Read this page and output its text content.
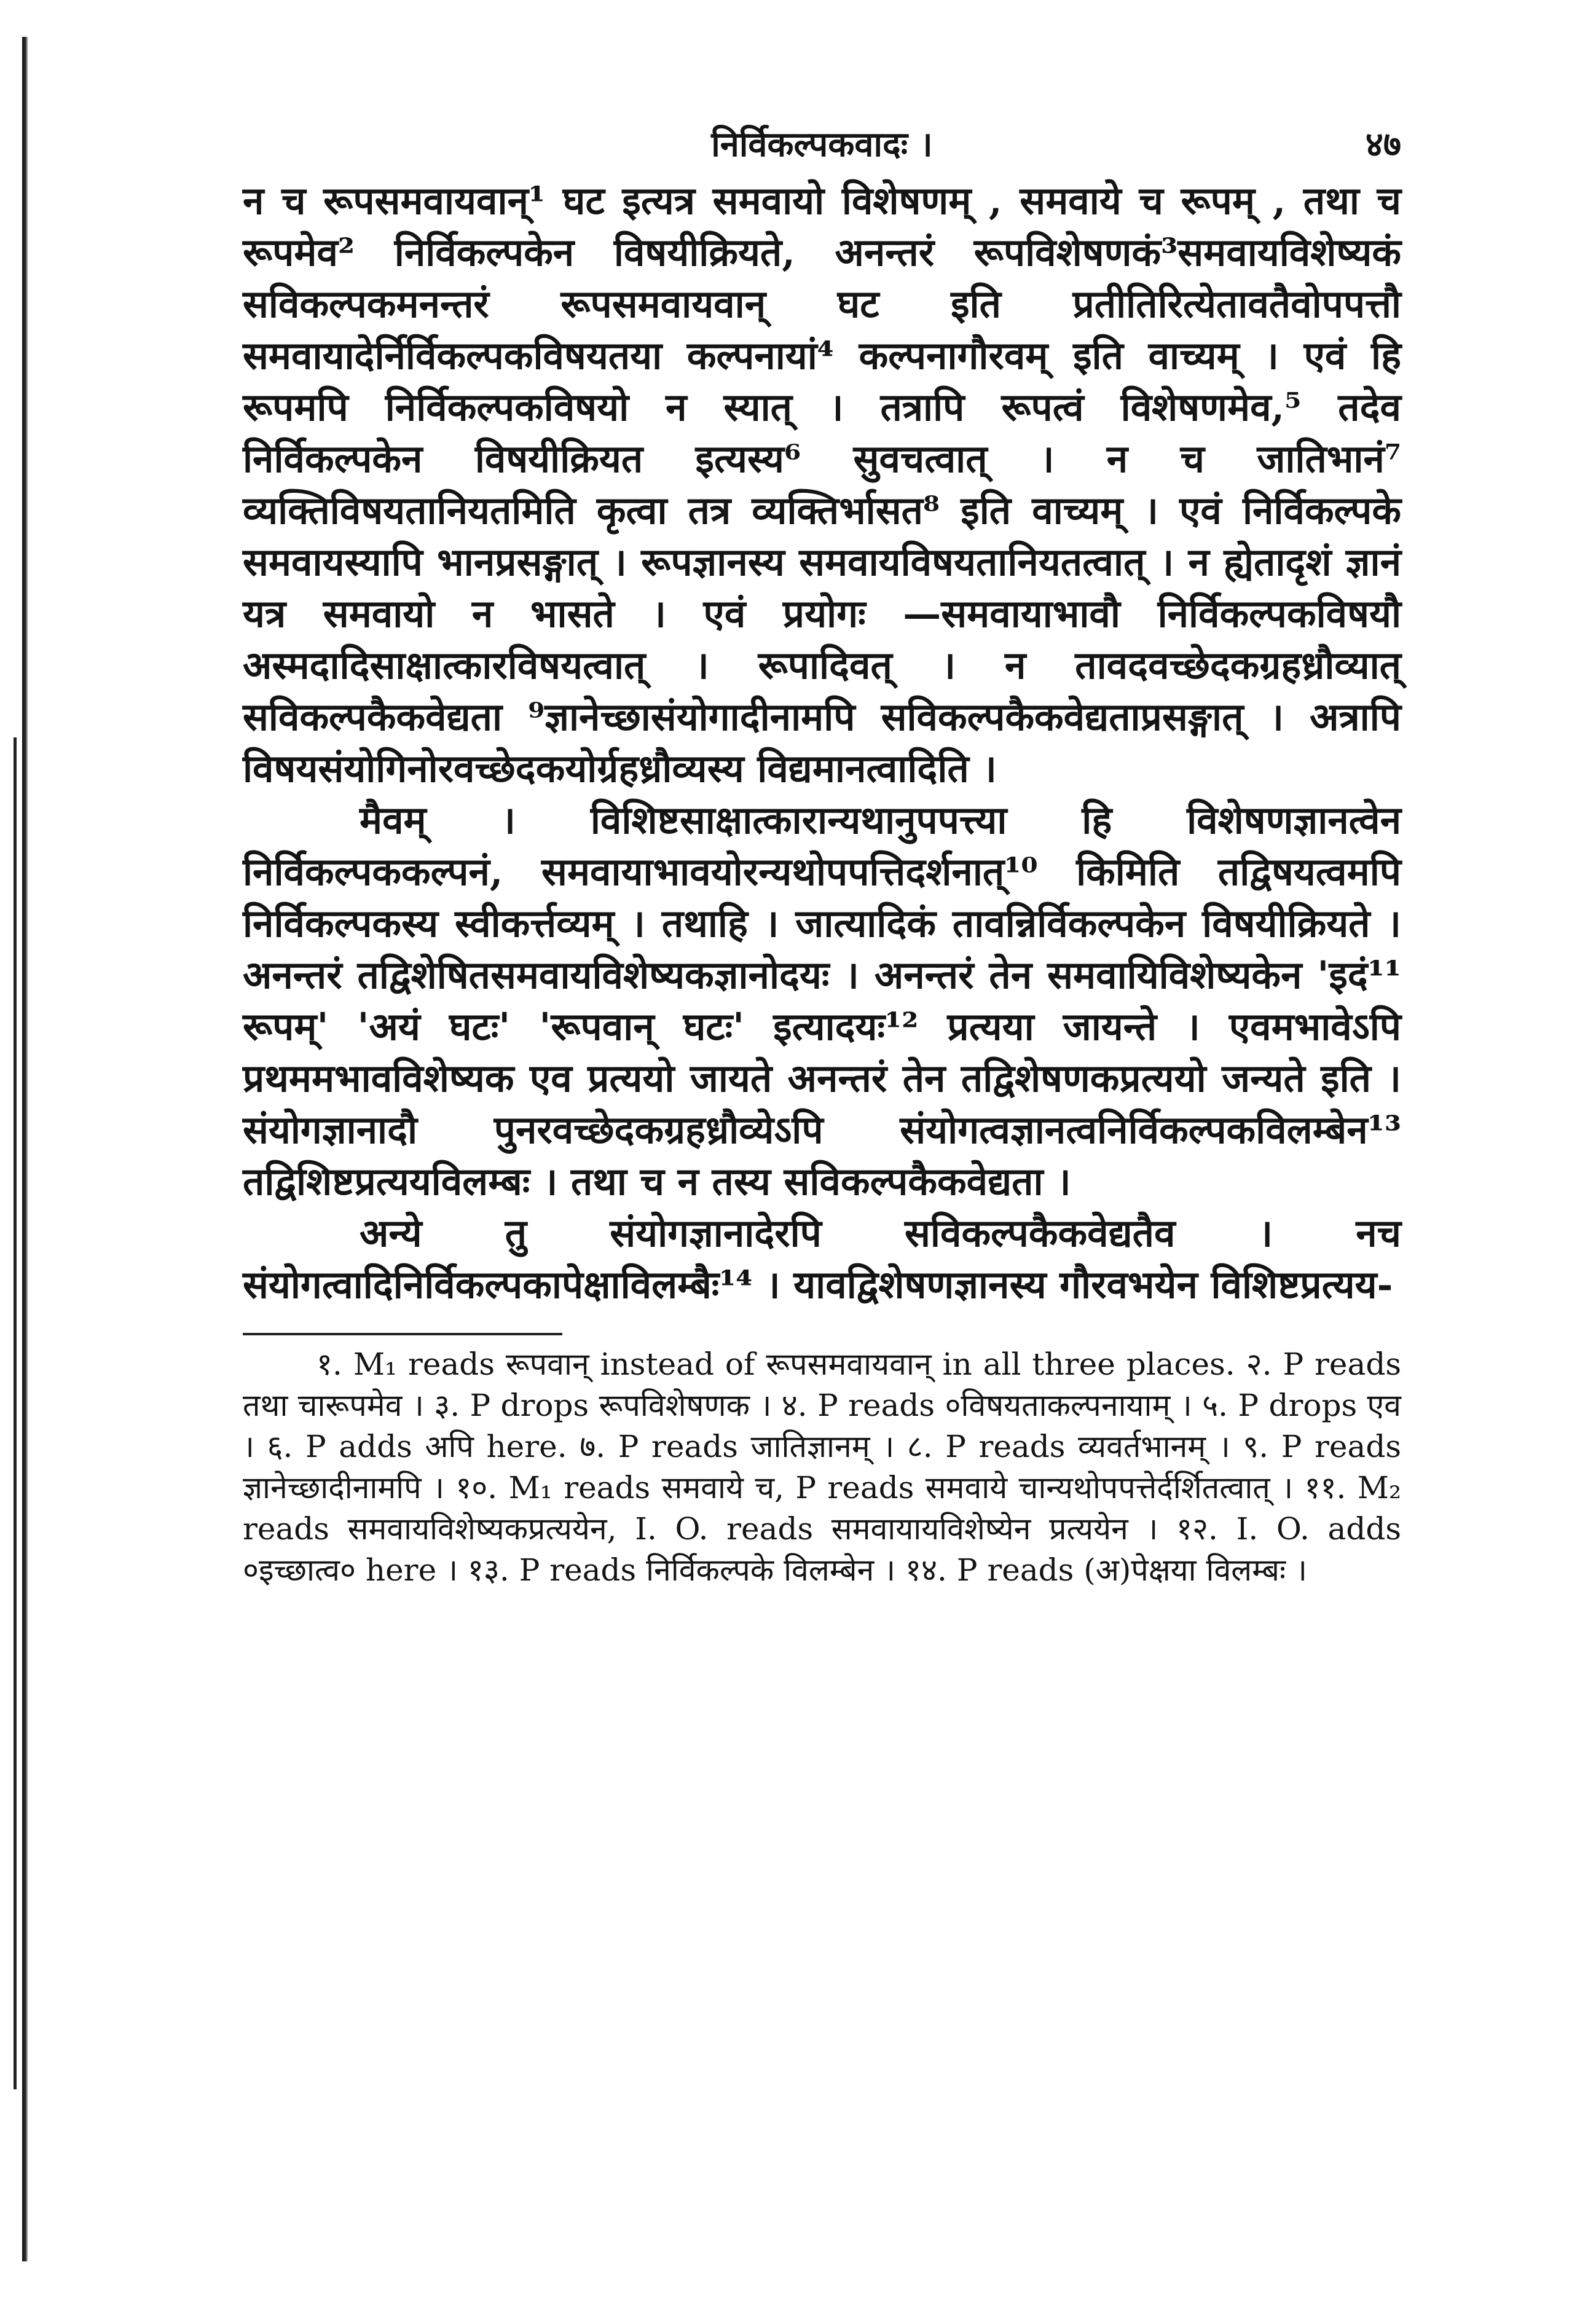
निर्विकल्पकवादः ।	४७

न च रूपसमवायवान्¹ घट इत्यत्र समवायो विशेषणम् , समवाये च रूपम् , तथा च रूपमेव² निर्विकल्पकेन विषयीक्रियते, अनन्तरं रूपविशेषणकं³समवायविशेष्यकं सविकल्पकमनन्तरं रूपसमवायवान् घट इति प्रतीतिरित्येतावतैवोपपत्तौ समवायादेर्निर्विकल्पकविषयतया कल्पनायां⁴ कल्पनागौरवम् इति वाच्यम् । एवं हि रूपमपि निर्विकल्पकविषयो न स्यात् । तत्रापि रूपत्वं विशेषणमेव,⁵ तदेव निर्विकल्पकेन विषयीक्रियत इत्यस्य⁶ सुवचत्वात् । न च जातिभानं⁷ व्यक्तिविषयतानियतमिति कृत्वा तत्र व्यक्तिर्भासत⁸ इति वाच्यम् । एवं निर्विकल्पके समवायस्यापि भानप्रसङ्गात् । रूपज्ञानस्य समवायविषयतानियतत्वात् । न ह्येतादृशं ज्ञानं यत्र समवायो न भासते । एवं प्रयोगः —समवायाभावौ निर्विकल्पकविषयौ अस्मदादिसाक्षात्कारविषयत्वात् । रूपादिवत् । न तावदवच्छेदकग्रहध्रौव्यात् सविकल्पकैकवेद्यता ⁹ज्ञानेच्छासंयोगादीनामपि सविकल्पकैकवेद्यताप्रसङ्गात् । अत्रापि विषयसंयोगिनोरवच्छेदकयोर्ग्रहध्रौव्यस्य विद्यमानत्वादिति ।

मैवम् । विशिष्टसाक्षात्कारान्यथानुपपत्त्या हि विशेषणज्ञानत्वेन निर्विकल्पककल्पनं, समवायाभावयोरन्यथोपपत्तिदर्शनात्¹⁰ किमिति तद्विषयत्वमपि निर्विकल्पकस्य स्वीकर्त्तव्यम् । तथाहि । जात्यादिकं तावन्निर्विकल्पकेन विषयीक्रियते । अनन्तरं तद्विशेषितसमवायविशेष्यकज्ञानोदयः । अनन्तरं तेन समवायिविशेष्यकेन 'इदं¹¹ रूपम्' 'अयं घटः' 'रूपवान् घटः' इत्यादयः¹² प्रत्यया जायन्ते । एवमभावेऽपि प्रथममभावविशेष्यक एव प्रत्ययो जायते अनन्तरं तेन तद्विशेषणकप्रत्ययो जन्यते इति । संयोगज्ञानादौ पुनरवच्छेदकग्रहध्रौव्येऽपि संयोगत्वज्ञानत्वनिर्विकल्पकविलम्बेन¹³ तद्विशिष्टप्रत्ययविलम्बः । तथा च न तस्य सविकल्पकैकवेद्यता ।

अन्ये तु संयोगज्ञानादेरपि सविकल्पकैकवेद्यतैव । नच संयोगत्वादिनिर्विकल्पकापेक्षाविलम्बैः¹⁴ । यावद्विशेषणज्ञानस्य गौरवभयेन विशिष्टप्रत्यय-

१. M₁ reads रूपवान् instead of रूपसमवायवान् in all three places. २. P reads तथा चारूपमेव । ३. P drops रूपविशेषणक । ४. P reads ०विषयताकल्पनायाम् । ५. P drops एव । ६. P adds अपि here. ७. P reads जातिज्ञानम् । ८. P reads व्यवर्तभानम् । ९. P reads ज्ञानेच्छादीनामपि । १०. M₁ reads समवाये च, P reads समवाये चान्यथोपपत्तेर्दर्शितत्वात् । ११. M₂ reads समवायविशेष्यकप्रत्ययेन, I. O. reads समवायायविशेष्येन प्रत्ययेन । १२. I. O. adds ०इच्छात्व० here । १३. P reads निर्विकल्पके विलम्बेन । १४. P reads (अ)पेक्षया विलम्बः ।
